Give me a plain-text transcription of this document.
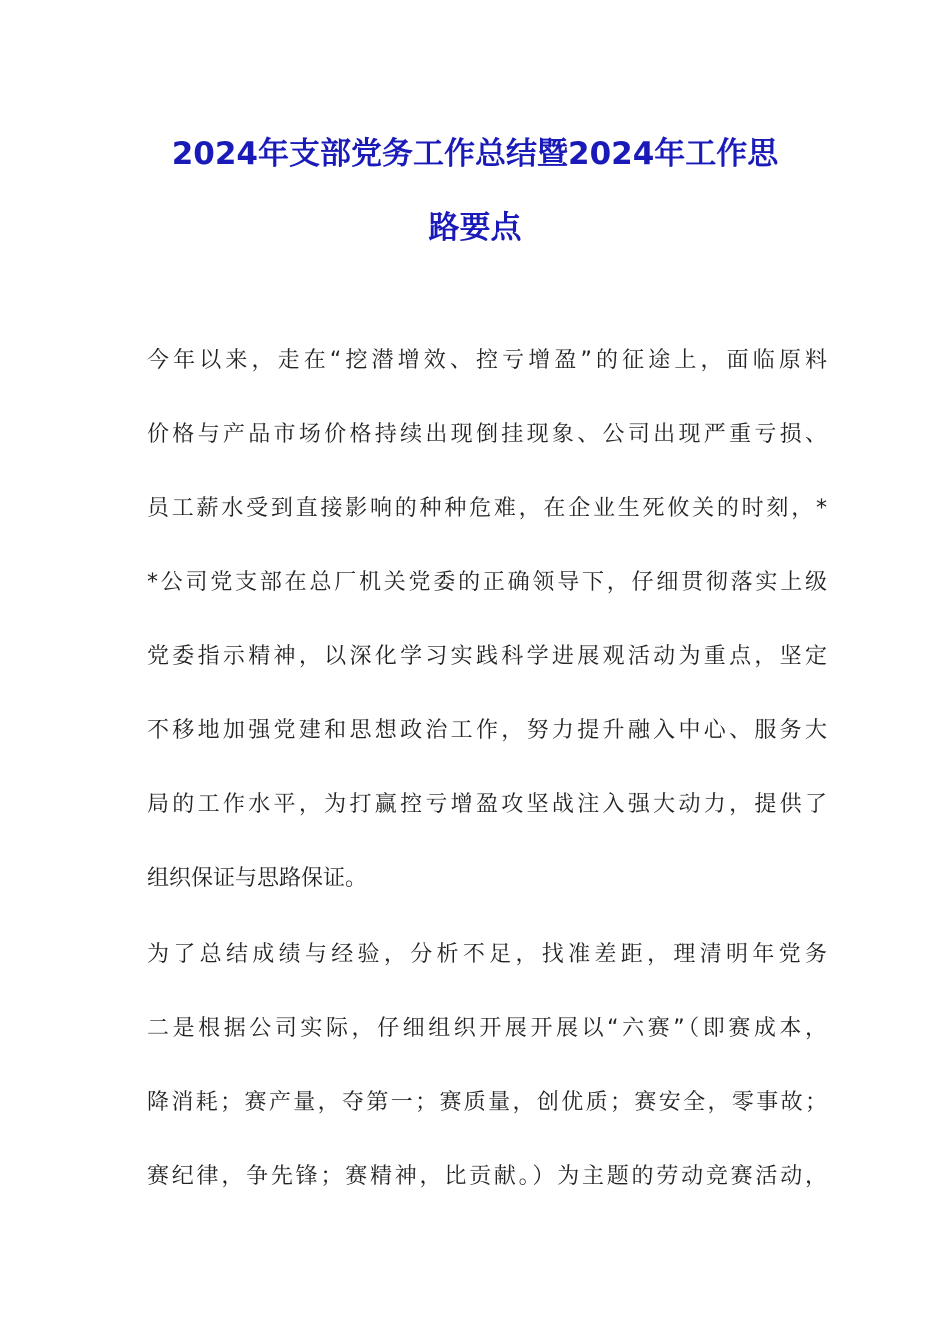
2024年支部党务工作总结暨2024年工作思
路要点
今年以来，走在“挖潜增效、控亏增盈”的征途上，面临原料
价格与产品市场价格持续出现倒挂现象、公司出现严重亏损、
员工薪水受到直接影响的种种危难，在企业生死攸关的时刻，*
*公司党支部在总厂机关党委的正确领导下，仔细贯彻落实上级
党委指示精神，以深化学习实践科学进展观活动为重点，坚定
不移地加强党建和思想政治工作，努力提升融入中心、服务大
局的工作水平，为打赢控亏增盈攻坚战注入强大动力，提供了
组织保证与思路保证。
为了总结成绩与经验，分析不足，找准差距，理清明年党务
二是根据公司实际，仔细组织开展开展以“六赛”（即赛成本，
降消耗；赛产量，夺第一；赛质量，创优质；赛安全，零事故；
赛纪律，争先锋；赛精神，比贡献。）为主题的劳动竞赛活动，
